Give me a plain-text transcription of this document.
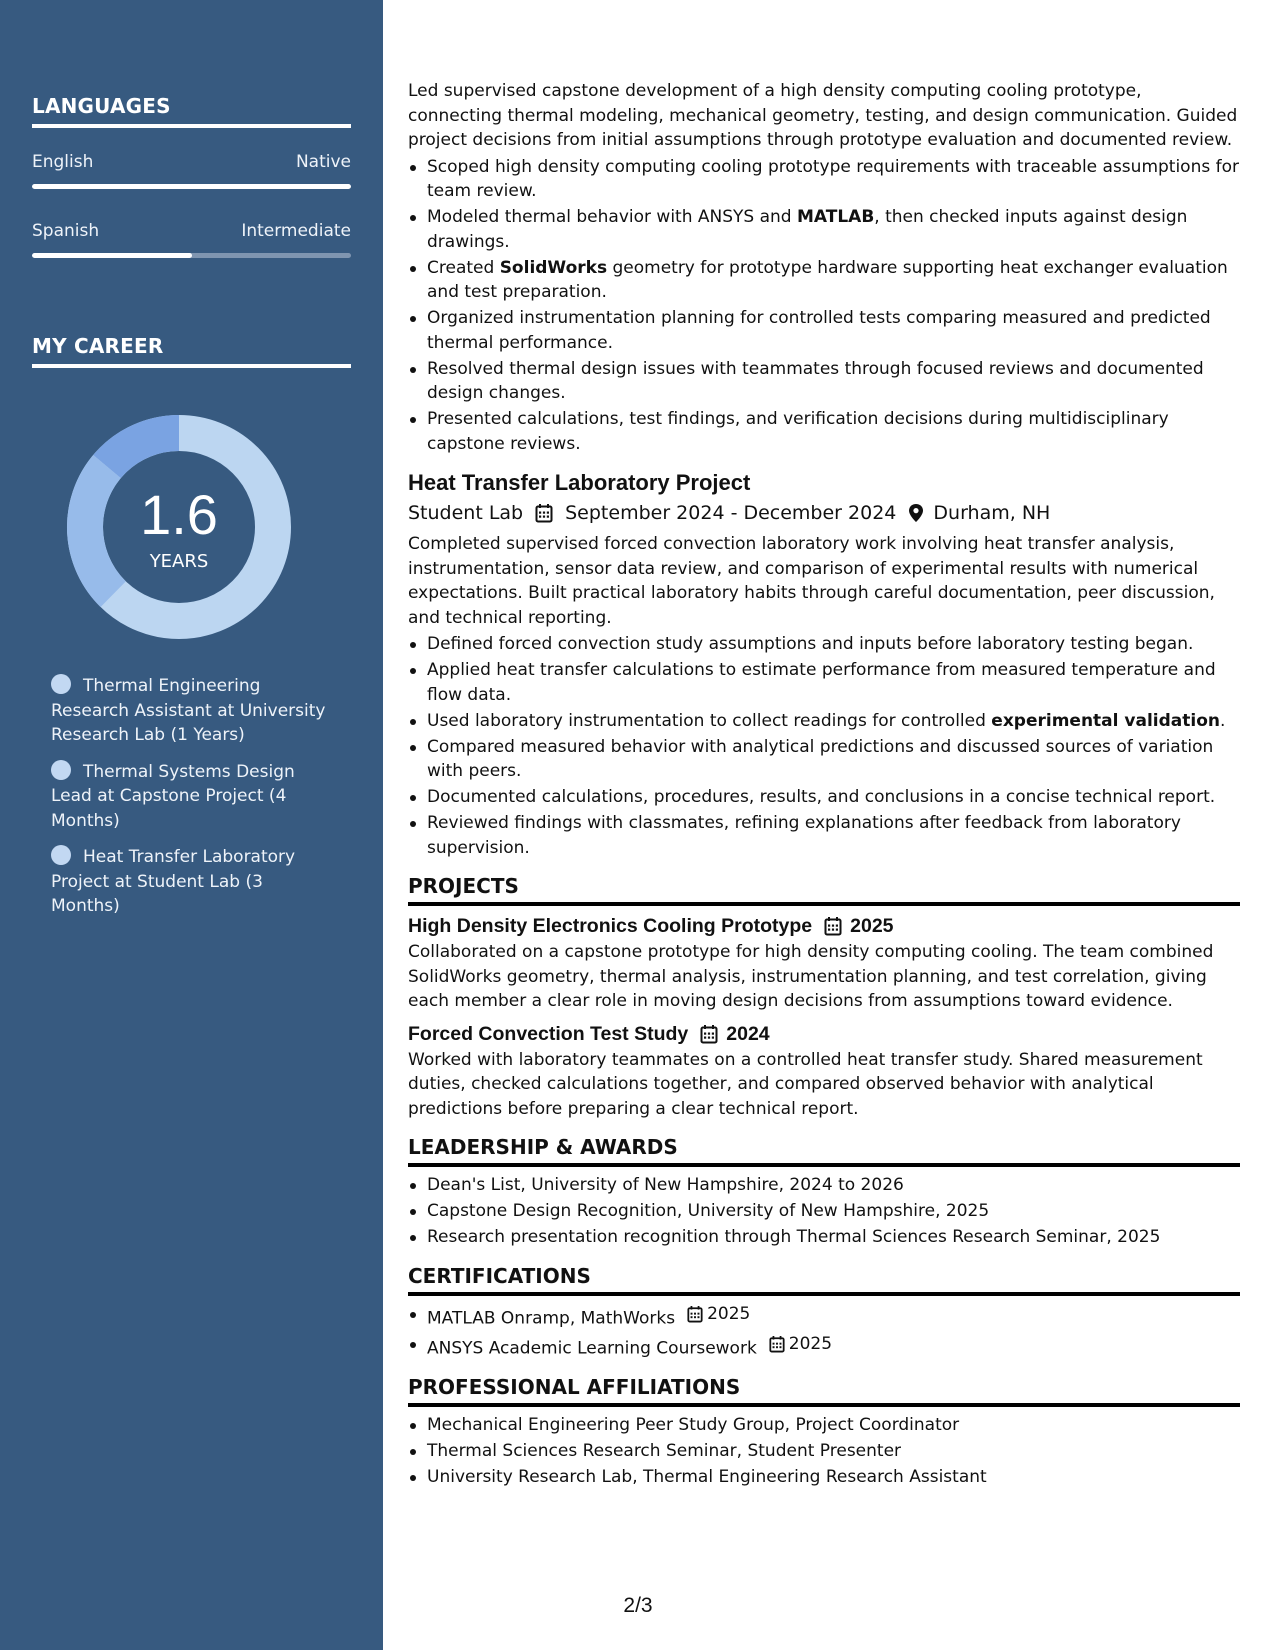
LANGUAGES
English	Native
Spanish	Intermediate
MY CAREER
1.6
YEARS
Thermal Engineering Research Assistant at University Research Lab (1 Years)
Thermal Systems Design Lead at Capstone Project (4 Months)
Heat Transfer Laboratory Project at Student Lab (3 Months)

Led supervised capstone development of a high density computing cooling prototype, connecting thermal modeling, mechanical geometry, testing, and design communication. Guided project decisions from initial assumptions through prototype evaluation and documented review.

Scoped high density computing cooling prototype requirements with traceable assumptions for team review.
Modeled thermal behavior with ANSYS and MATLAB, then checked inputs against design drawings.
Created SolidWorks geometry for prototype hardware supporting heat exchanger evaluation and test preparation.
Organized instrumentation planning for controlled tests comparing measured and predicted thermal performance.
Resolved thermal design issues with teammates through focused reviews and documented design changes.
Presented calculations, test findings, and verification decisions during multidisciplinary capstone reviews.
Heat Transfer Laboratory Project
Student Lab September 2024 - December 2024 Durham, NH

Completed supervised forced convection laboratory work involving heat transfer analysis, instrumentation, sensor data review, and comparison of experimental results with numerical expectations. Built practical laboratory habits through careful documentation, peer discussion, and technical reporting.

Defined forced convection study assumptions and inputs before laboratory testing began.
Applied heat transfer calculations to estimate performance from measured temperature and flow data.
Used laboratory instrumentation to collect readings for controlled experimental validation.
Compared measured behavior with analytical predictions and discussed sources of variation with peers.
Documented calculations, procedures, results, and conclusions in a concise technical report.
Reviewed findings with classmates, refining explanations after feedback from laboratory supervision.
PROJECTS
High Density Electronics Cooling Prototype 2025

Collaborated on a capstone prototype for high density computing cooling. The team combined SolidWorks geometry, thermal analysis, instrumentation planning, and test correlation, giving each member a clear role in moving design decisions from assumptions toward evidence.

Forced Convection Test Study 2024

Worked with laboratory teammates on a controlled heat transfer study. Shared measurement duties, checked calculations together, and compared observed behavior with analytical predictions before preparing a clear technical report.

LEADERSHIP & AWARDS
Dean's List, University of New Hampshire, 2024 to 2026
Capstone Design Recognition, University of New Hampshire, 2025
Research presentation recognition through Thermal Sciences Research Seminar, 2025
CERTIFICATIONS
MATLAB Onramp, MathWorks 2025
ANSYS Academic Learning Coursework 2025
PROFESSIONAL AFFILIATIONS
Mechanical Engineering Peer Study Group, Project Coordinator
Thermal Sciences Research Seminar, Student Presenter
University Research Lab, Thermal Engineering Research Assistant
2/3
